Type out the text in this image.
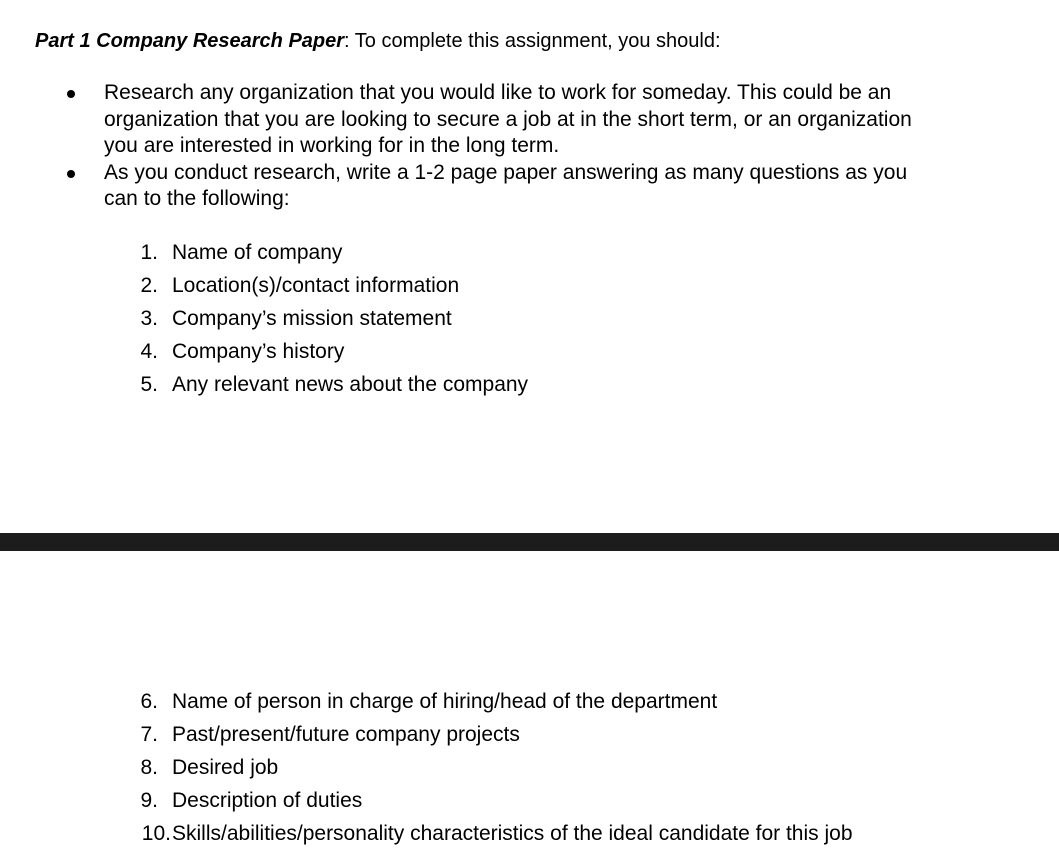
Part 1 Company Research Paper: To complete this assignment, you should:
Research any organization that you would like to work for someday. This could be an organization that you are looking to secure a job at in the short term, or an organization you are interested in working for in the long term.
As you conduct research, write a 1-2 page paper answering as many questions as you can to the following:
1. Name of company
2. Location(s)/contact information
3. Company’s mission statement
4. Company’s history
5. Any relevant news about the company
6. Name of person in charge of hiring/head of the department
7. Past/present/future company projects
8. Desired job
9. Description of duties
10. Skills/abilities/personality characteristics of the ideal candidate for this job
